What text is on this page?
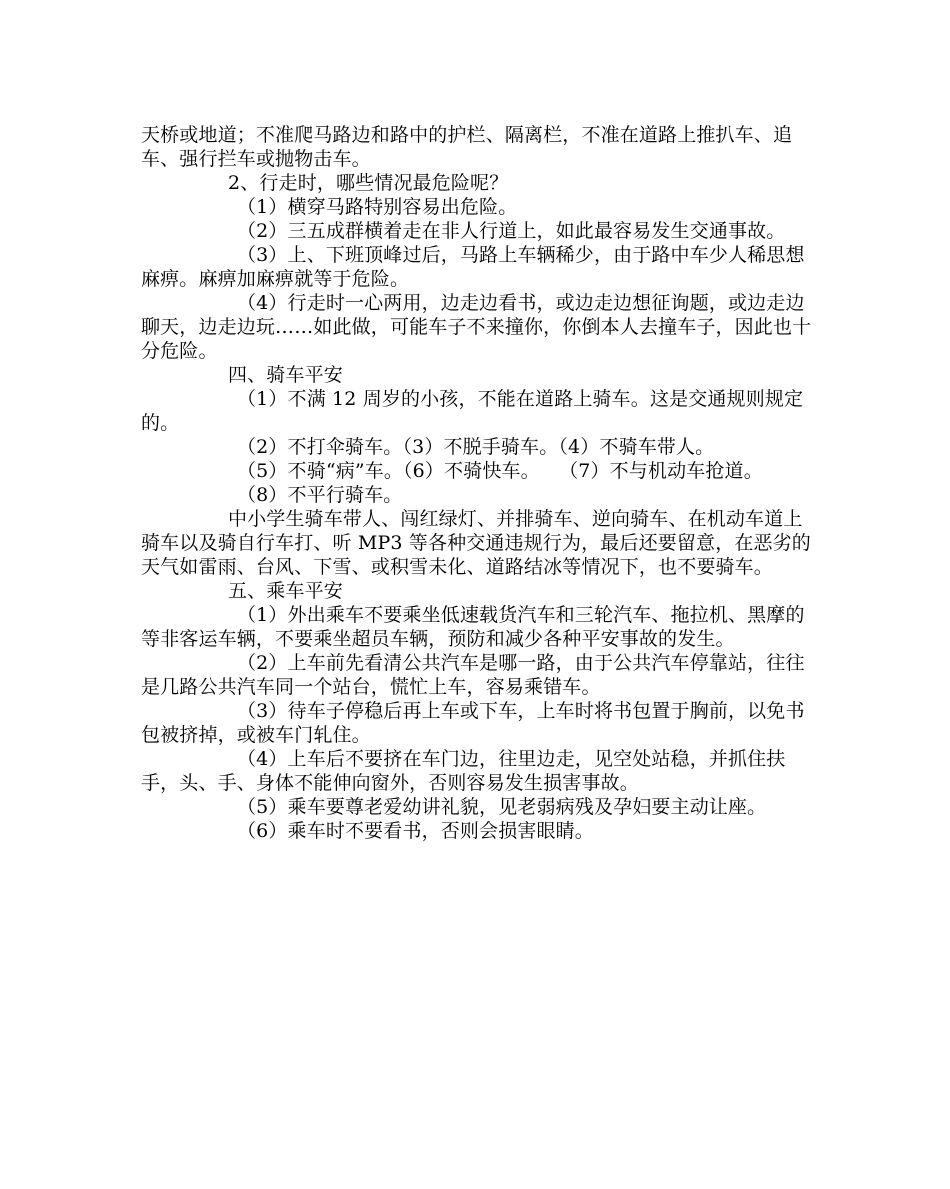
天桥或地道；不准爬马路边和路中的护栏、隔离栏，不准在道路上推扒车、追车、强行拦车或抛物击车。

2、行走时，哪些情况最危险呢？

（1）横穿马路特别容易出危险。

（2）三五成群横着走在非人行道上，如此最容易发生交通事故。

（3）上、下班顶峰过后，马路上车辆稀少，由于路中车少人稀思想麻痹。麻痹加麻痹就等于危险。

（4）行走时一心两用，边走边看书，或边走边想征询题，或边走边聊天，边走边玩……如此做，可能车子不来撞你，你倒本人去撞车子，因此也十分危险。

四、骑车平安

（1）不满 12 周岁的小孩，不能在道路上骑车。这是交通规则规定的。

（2）不打伞骑车。（3）不脱手骑车。（4）不骑车带人。

（5）不骑“病”车。（6）不骑快车。　　（7）不与机动车抢道。

（8）不平行骑车。

中小学生骑车带人、闯红绿灯、并排骑车、逆向骑车、在机动车道上骑车以及骑自行车打、听 MP3 等各种交通违规行为，最后还要留意，在恶劣的天气如雷雨、台风、下雪、或积雪未化、道路结冰等情况下，也不要骑车。

五、乘车平安

（1）外出乘车不要乘坐低速载货汽车和三轮汽车、拖拉机、黑摩的等非客运车辆，不要乘坐超员车辆，预防和减少各种平安事故的发生。

（2）上车前先看清公共汽车是哪一路，由于公共汽车停靠站，往往是几路公共汽车同一个站台，慌忙上车，容易乘错车。

（3）待车子停稳后再上车或下车，上车时将书包置于胸前，以免书包被挤掉，或被车门轧住。

（4）上车后不要挤在车门边，往里边走，见空处站稳，并抓住扶手，头、手、身体不能伸向窗外，否则容易发生损害事故。

（5）乘车要尊老爱幼讲礼貌，见老弱病残及孕妇要主动让座。

（6）乘车时不要看书，否则会损害眼睛。
